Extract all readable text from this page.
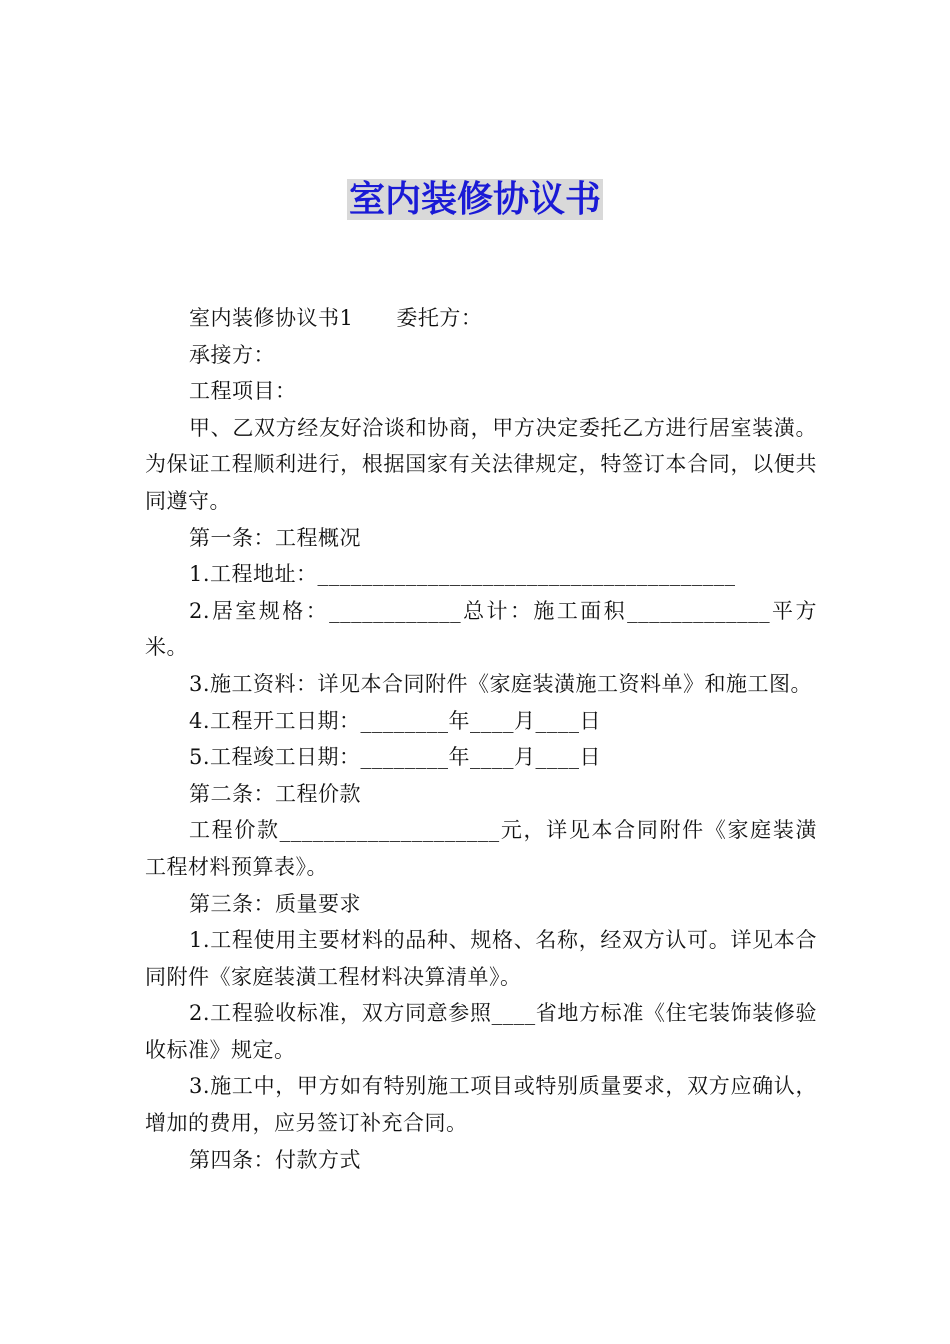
室内装修协议书

室内装修协议书1　　委托方：

承接方：

工程项目：

甲、乙双方经友好洽谈和协商，甲方决定委托乙方进行居室装潢。为保证工程顺利进行，根据国家有关法律规定，特签订本合同，以便共同遵守。

第一条：工程概况

1.工程地址：______________________________________

2.居室规格：____________总计：施工面积_____________平方米。

3.施工资料：详见本合同附件《家庭装潢施工资料单》和施工图。

4.工程开工日期：________年____月____日

5.工程竣工日期：________年____月____日

第二条：工程价款

工程价款____________________元，详见本合同附件《家庭装潢工程材料预算表》。

第三条：质量要求

1.工程使用主要材料的品种、规格、名称，经双方认可。详见本合同附件《家庭装潢工程材料决算清单》。

2.工程验收标准，双方同意参照____省地方标准《住宅装饰装修验收标准》规定。

3.施工中，甲方如有特别施工项目或特别质量要求，双方应确认，增加的费用，应另签订补充合同。

第四条：付款方式
